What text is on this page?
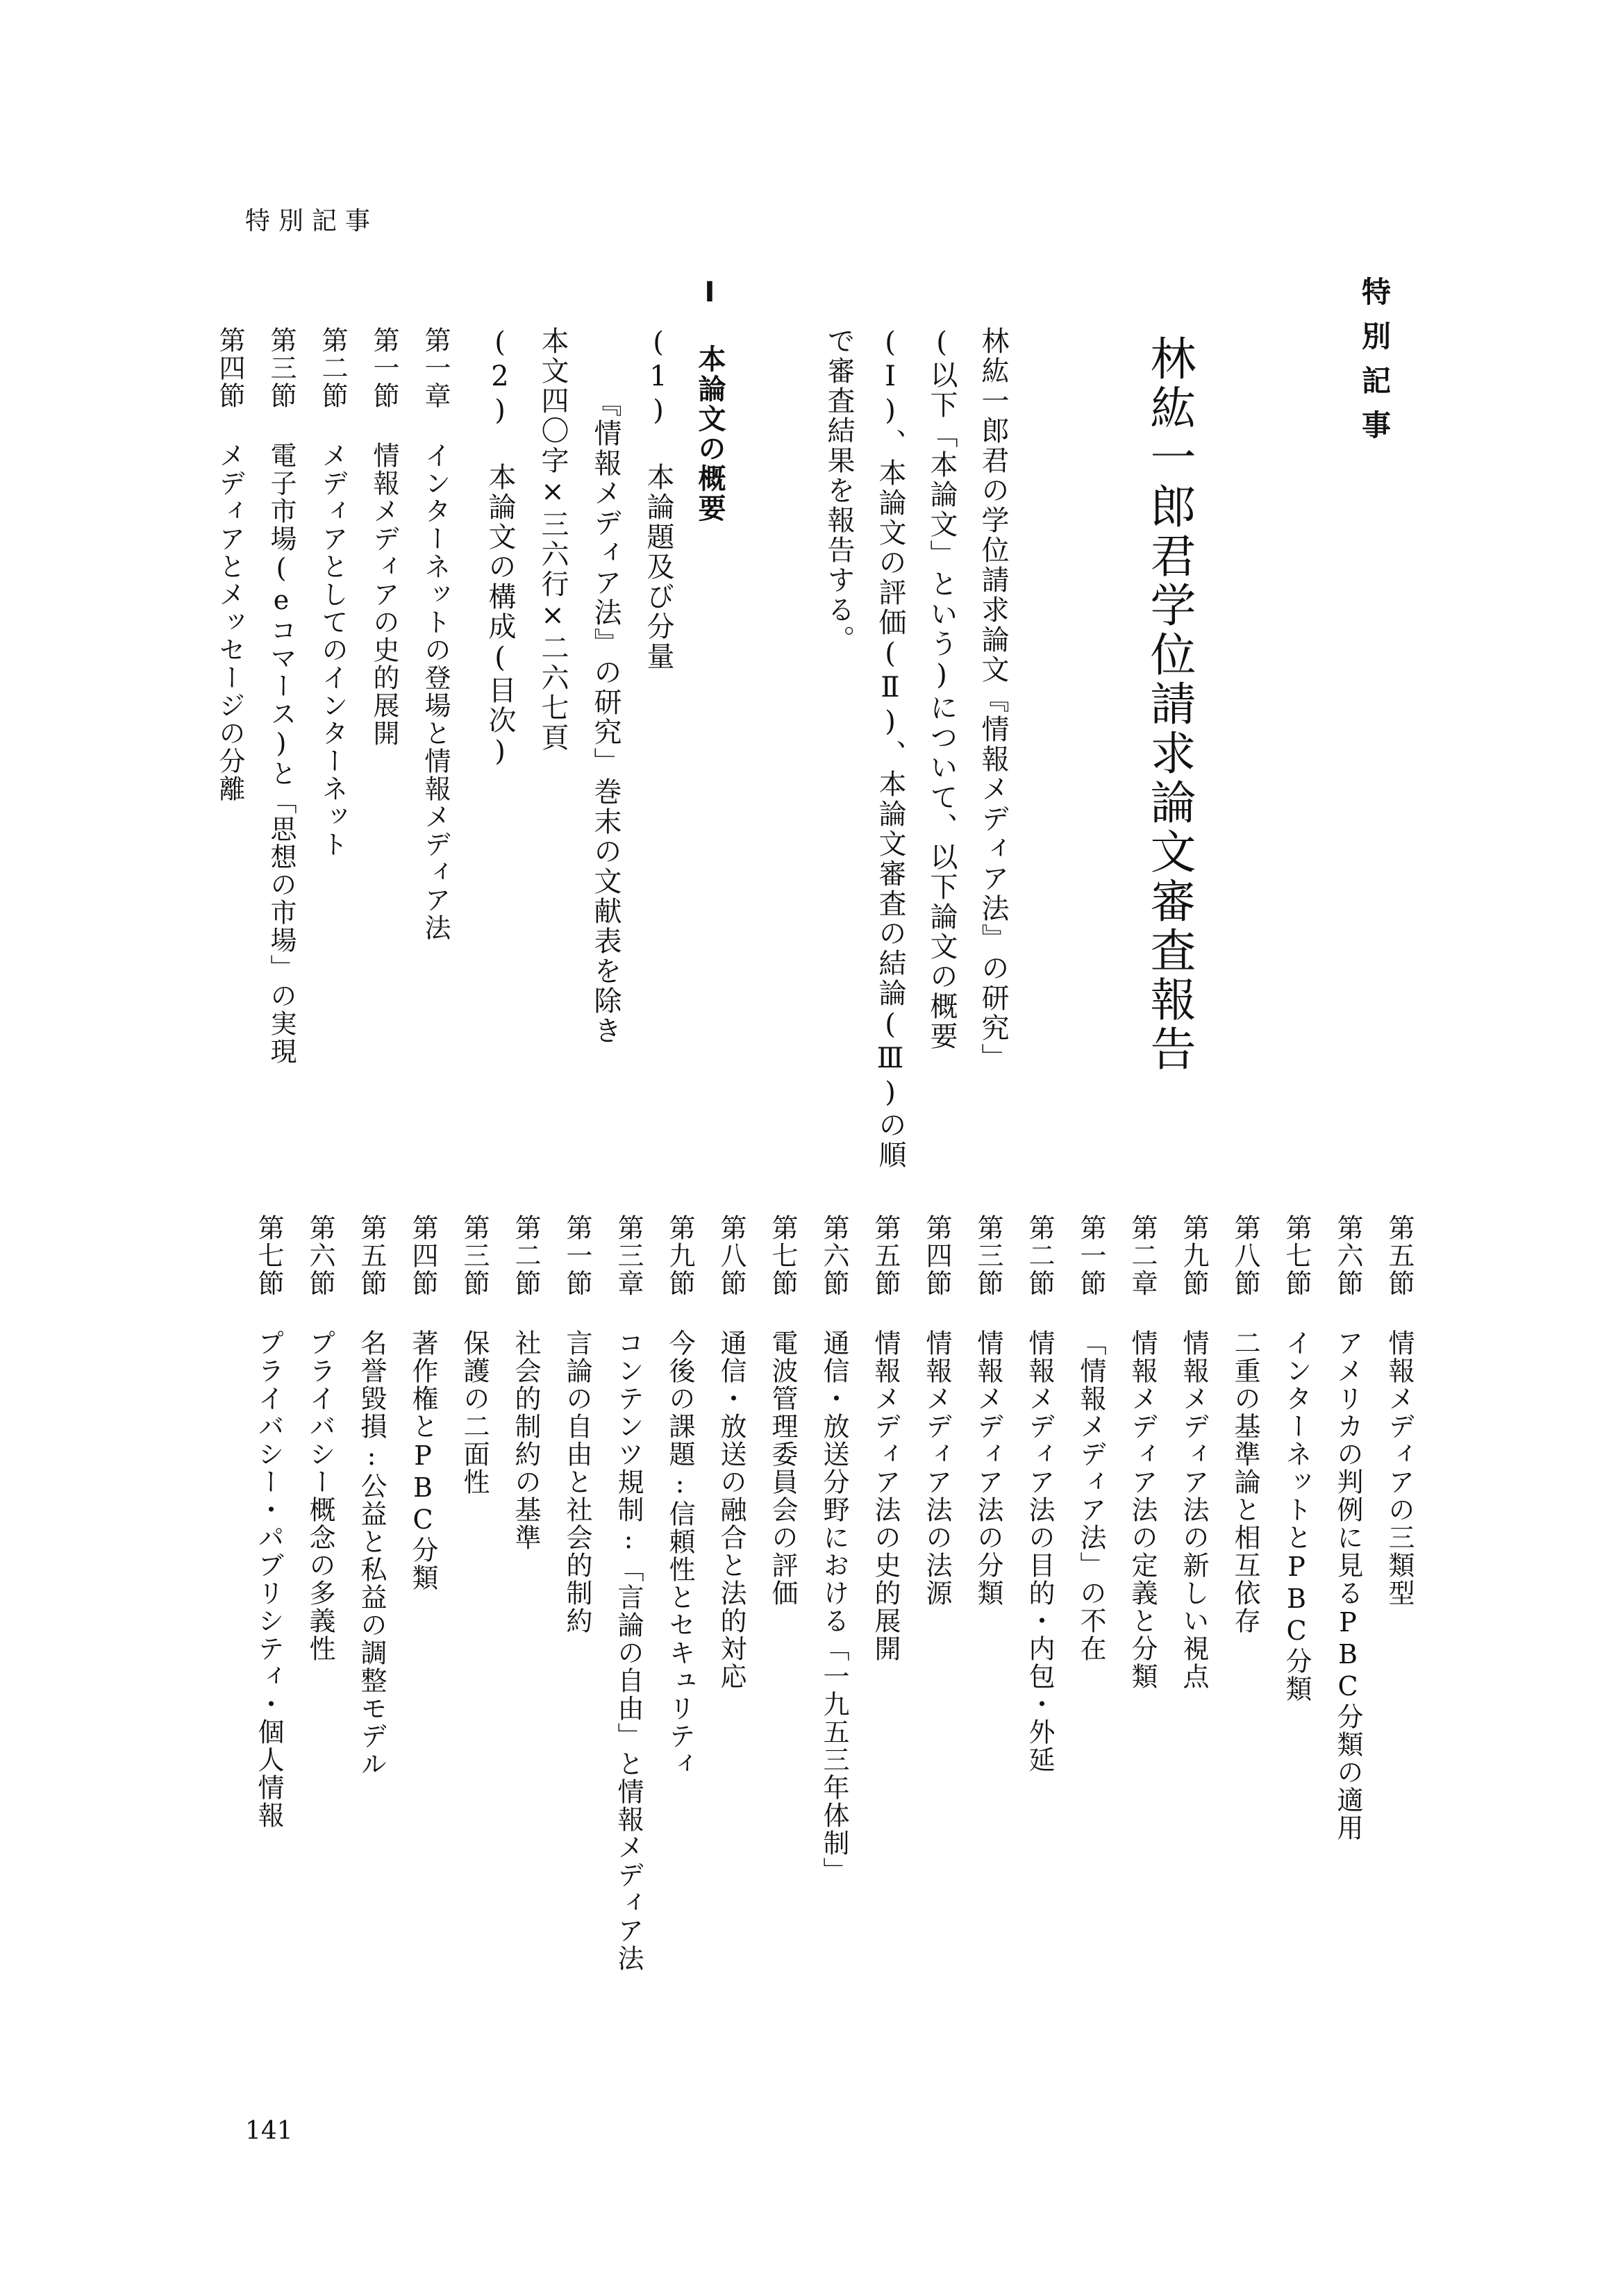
特別記事
特別記事
林紘一郎君学位請求論文審査報告
林紘一郎君の学位請求論文『情報メディア法』の研究」
(以下「本論文」という)について、以下論文の概要
(Ⅰ)、本論文の評価(Ⅱ)、本論文審査の結論(Ⅲ)の順
で審査結果を報告する。
Ⅰ 本論文の概要
(1) 本論題及び分量
『情報メディア法』の研究」巻末の文献表を除き
本文四〇字×三六行×二六七頁
(2) 本論文の構成(目次)
第一章 インターネットの登場と情報メディア法
第一節 情報メディアの史的展開
第二節 メディアとしてのインターネット
第三節 電子市場(eコマース)と「思想の市場」の実現
第四節 メディアとメッセージの分離
第五節 情報メディアの三類型
第六節 アメリカの判例に見るPBC分類の適用
第七節 インターネットとPBC分類
第八節 二重の基準論と相互依存
第九節 情報メディア法の新しい視点
第二章 情報メディア法の定義と分類
第一節 「情報メディア法」の不在
第二節 情報メディア法の目的・内包・外延
第三節 情報メディア法の分類
第四節 情報メディア法の法源
第五節 情報メディア法の史的展開
第六節 通信・放送分野における「一九五三年体制」
第七節 電波管理委員会の評価
第八節 通信・放送の融合と法的対応
第九節 今後の課題:信頼性とセキュリティ
第三章 コンテンツ規制:「言論の自由」と情報メディア法
第一節 言論の自由と社会的制約
第二節 社会的制約の基準
第三節 保護の二面性
第四節 著作権とPBC分類
第五節 名誉毀損:公益と私益の調整モデル
第六節 プライバシー概念の多義性
第七節 プライバシー・パブリシティ・個人情報
141
